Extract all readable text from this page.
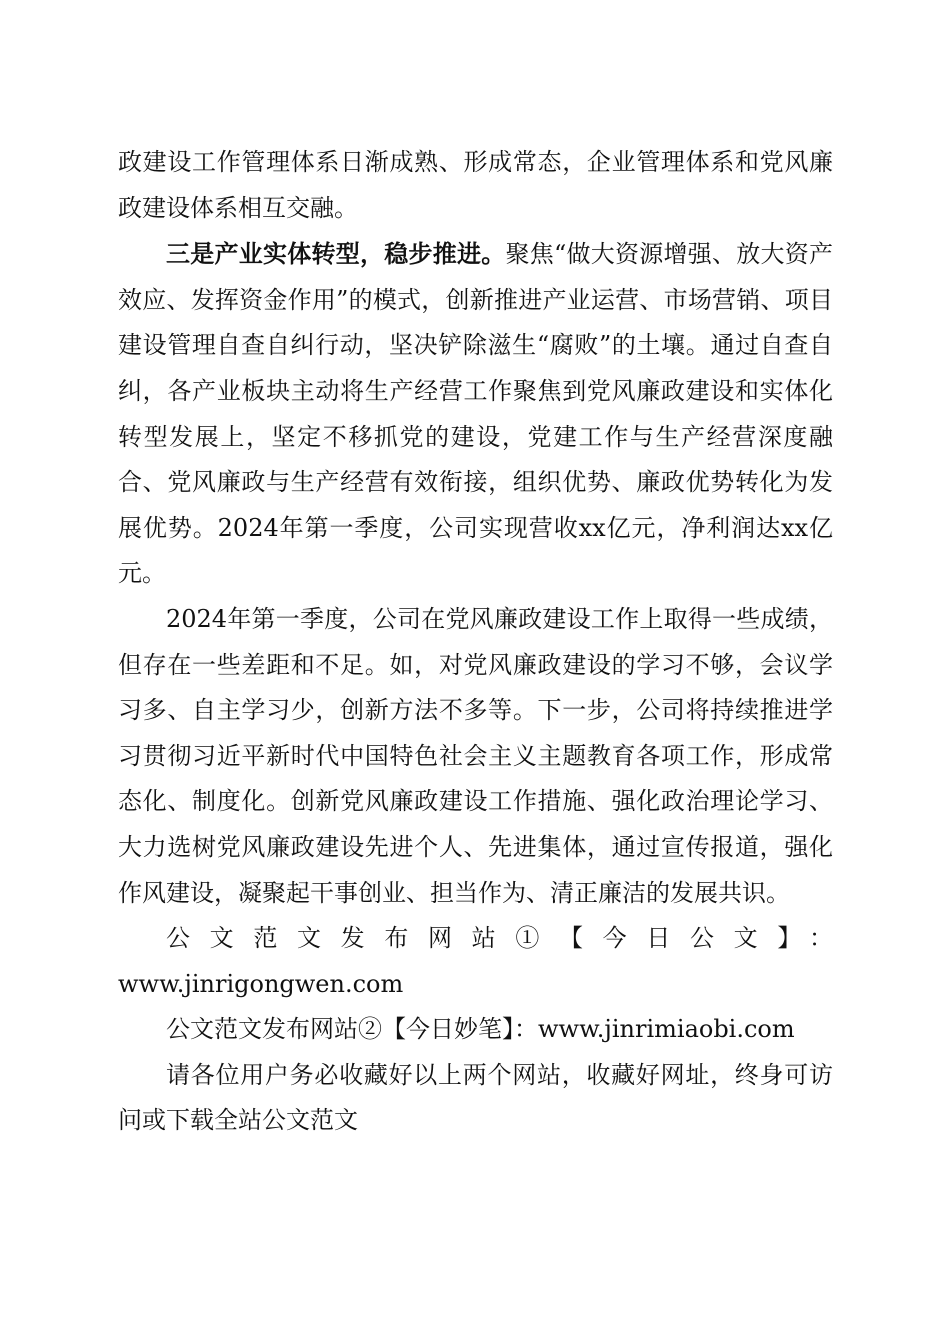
政建设工作管理体系日渐成熟、形成常态，企业管理体系和党风廉政建设体系相互交融。

三是产业实体转型，稳步推进。聚焦“做大资源增强、放大资产效应、发挥资金作用”的模式，创新推进产业运营、市场营销、项目建设管理自查自纠行动，坚决铲除滋生“腐败”的土壤。通过自查自纠，各产业板块主动将生产经营工作聚焦到党风廉政建设和实体化转型发展上，坚定不移抓党的建设，党建工作与生产经营深度融合、党风廉政与生产经营有效衔接，组织优势、廉政优势转化为发展优势。2024年第一季度，公司实现营收xx亿元，净利润达xx亿元。

2024年第一季度，公司在党风廉政建设工作上取得一些成绩，但存在一些差距和不足。如，对党风廉政建设的学习不够，会议学习多、自主学习少，创新方法不多等。下一步，公司将持续推进学习贯彻习近平新时代中国特色社会主义主题教育各项工作，形成常态化、制度化。创新党风廉政建设工作措施、强化政治理论学习、大力选树党风廉政建设先进个人、先进集体，通过宣传报道，强化作风建设，凝聚起干事创业、担当作为、清正廉洁的发展共识。

公文范文发布网站①【今日公文】：

www.jinrigongwen.com

公文范文发布网站②【今日妙笔】：www.jinrimiaobi.com

请各位用户务必收藏好以上两个网站，收藏好网址，终身可访问或下载全站公文范文
